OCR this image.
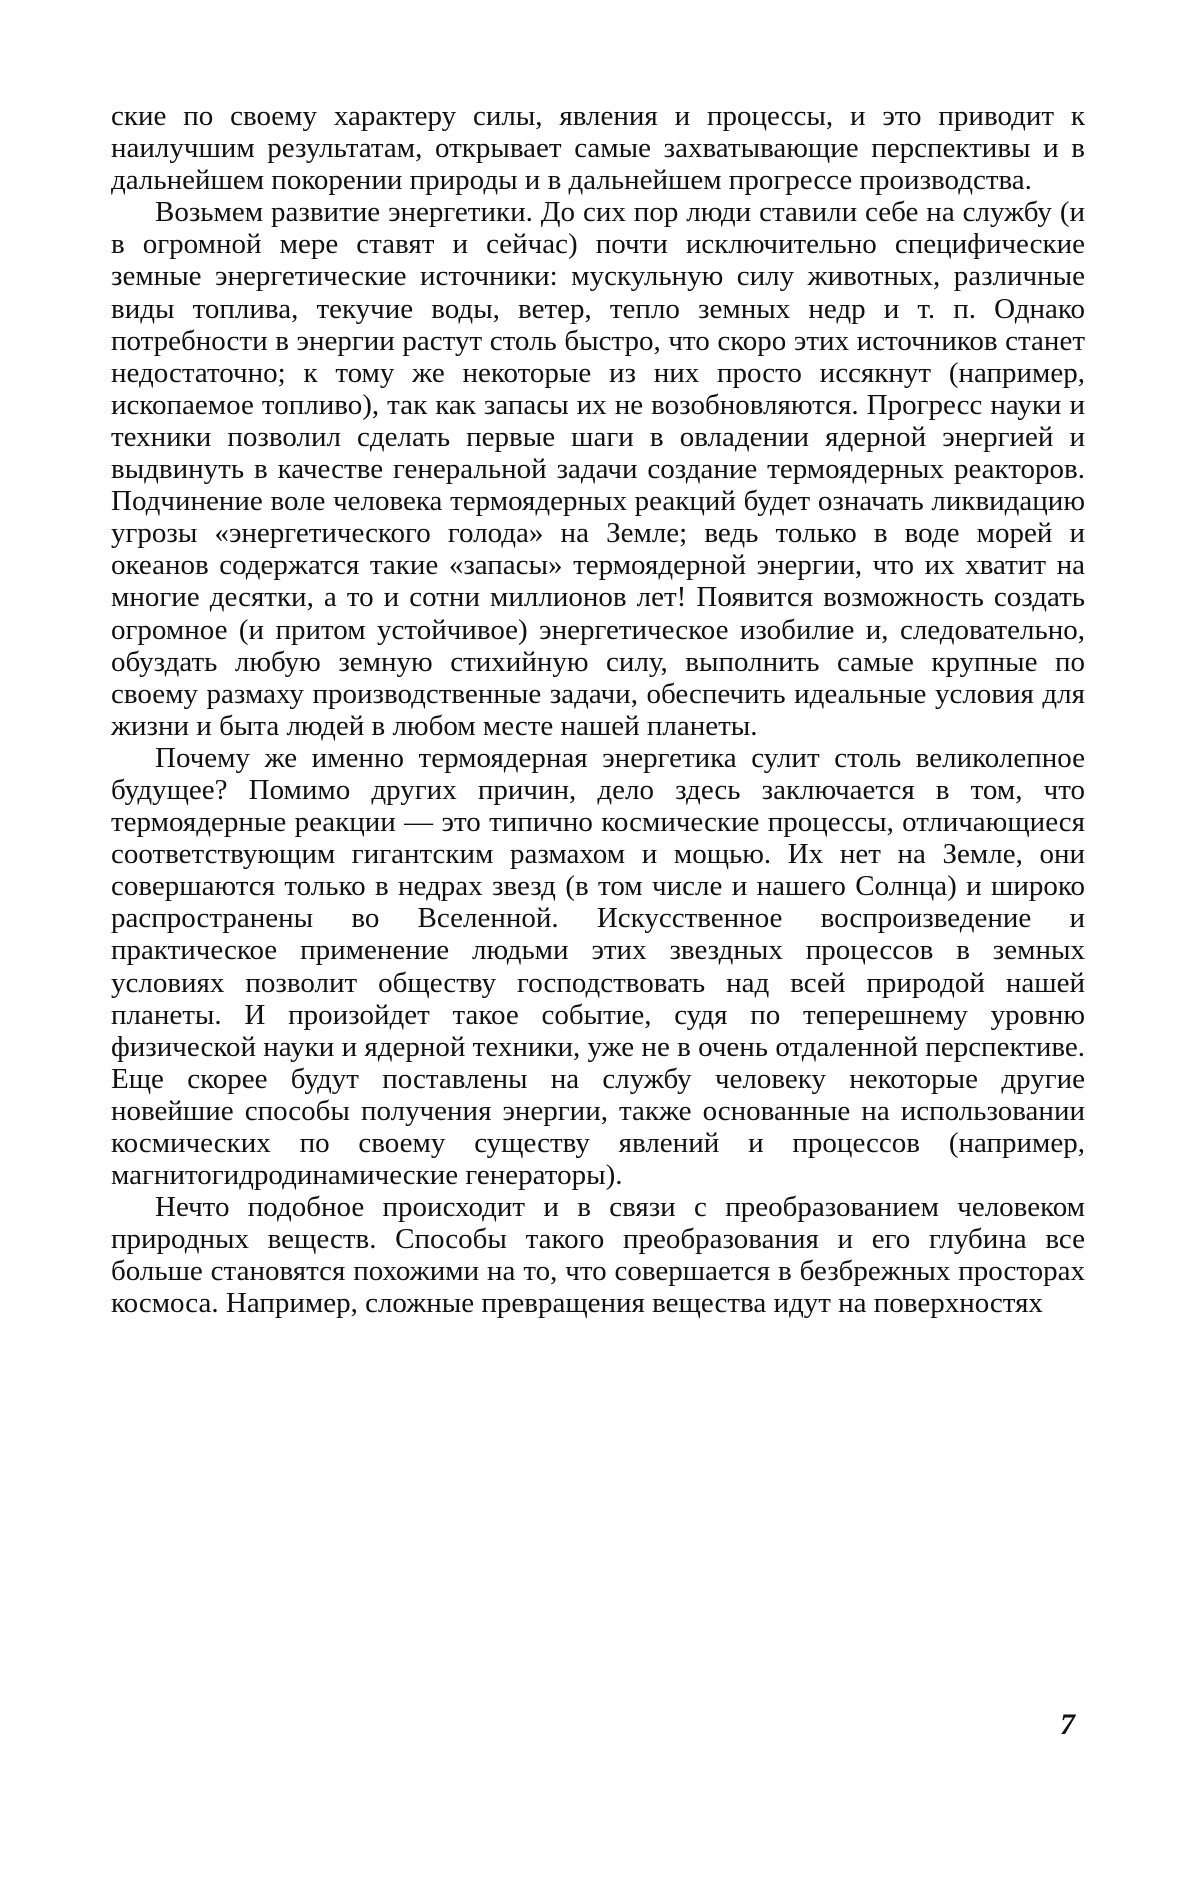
ские по своему характеру силы, явления и процессы, и это приводит к наилучшим результатам, открывает самые захватывающие перспективы и в дальнейшем покорении природы и в дальнейшем прогрессе производства.

Возьмем развитие энергетики. До сих пор люди ставили себе на службу (и в огромной мере ставят и сейчас) почти исключительно специфические земные энергетические источники: мускульную силу животных, различные виды топлива, текучие воды, ветер, тепло земных недр и т. п. Однако потребности в энергии растут столь быстро, что скоро этих источников станет недостаточно; к тому же некоторые из них просто иссякнут (например, ископаемое топливо), так как запасы их не возобновляются. Прогресс науки и техники позволил сделать первые шаги в овладении ядерной энергией и выдвинуть в качестве генеральной задачи создание термоядерных реакторов. Подчинение воле человека термоядерных реакций будет означать ликвидацию угрозы «энергетического голода» на Земле; ведь только в воде морей и океанов содержатся такие «запасы» термоядерной энергии, что их хватит на многие десятки, а то и сотни миллионов лет! Появится возможность создать огромное (и притом устойчивое) энергетическое изобилие и, следовательно, обуздать любую земную стихийную силу, выполнить самые крупные по своему размаху производственные задачи, обеспечить идеальные условия для жизни и быта людей в любом месте нашей планеты.

Почему же именно термоядерная энергетика сулит столь великолепное будущее? Помимо других причин, дело здесь заключается в том, что термоядерные реакции — это типично космические процессы, отличающиеся соответствующим гигантским размахом и мощью. Их нет на Земле, они совершаются только в недрах звезд (в том числе и нашего Солнца) и широко распространены во Вселенной. Искусственное воспроизведение и практическое применение людьми этих звездных процессов в земных условиях позволит обществу господствовать над всей природой нашей планеты. И произойдет такое событие, судя по теперешнему уровню физической науки и ядерной техники, уже не в очень отдаленной перспективе. Еще скорее будут поставлены на службу человеку некоторые другие новейшие способы получения энергии, также основанные на использовании космических по своему существу явлений и процессов (например, магнитогидродинамические генераторы).

Нечто подобное происходит и в связи с преобразованием человеком природных веществ. Способы такого преобразования и его глубина все больше становятся похожими на то, что совершается в безбрежных просторах космоса. Например, сложные превращения вещества идут на поверхностях

7
